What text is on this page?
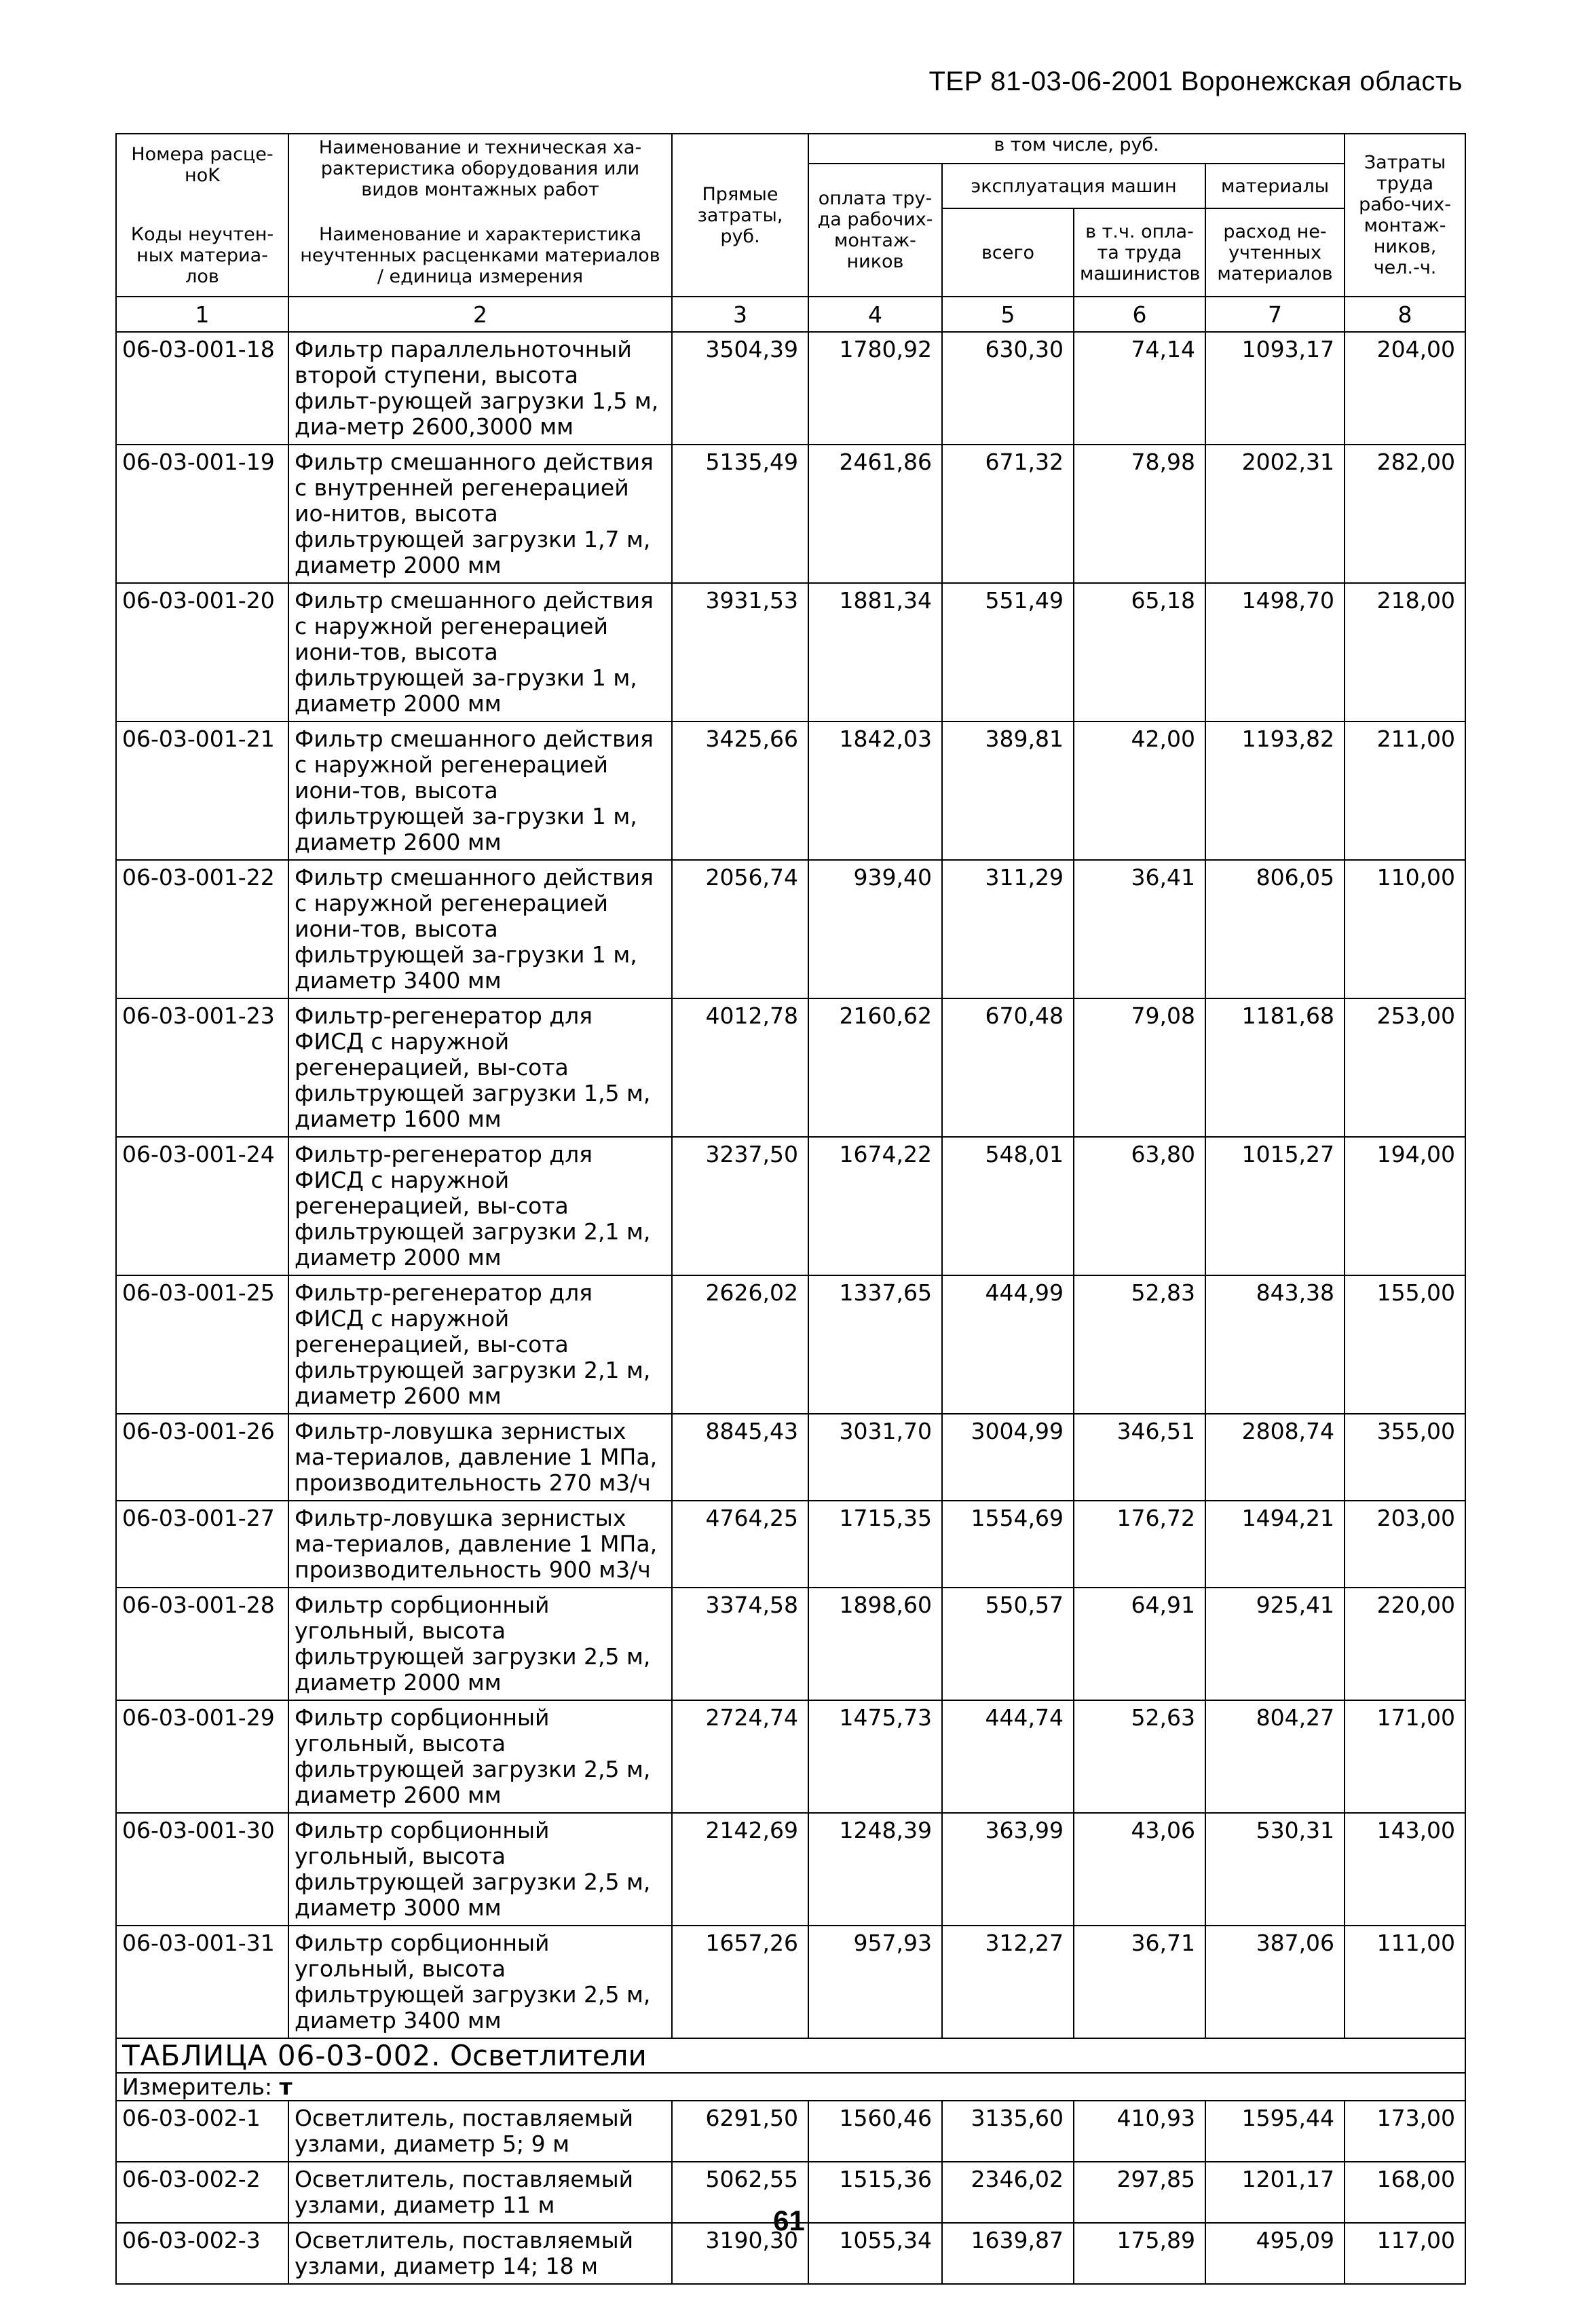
ТЕР 81-03-06-2001 Воронежская область
Номера расце-ноK	Наименование и техническая ха-рактеристика оборудования или видов монтажных работ	Прямые затраты, руб.	в том числе, руб.				Затраты труда рабо-чих-монтаж-ников, чел.-ч.
			оплата тру-да рабочих-монтаж-ников	эксплуатация машин		материалы	
				всего	в т.ч. опла-та труда машинистов	расход не-учтенных материалов	
Коды неучтен-ных материа-лов	Наименование и характеристика неучтенных расценками материалов / единица измерения						
1	2	3	4	5	6	7	8
06-03-001-18	Фильтр параллельноточный второй ступени, высота фильт-рующей загрузки 1,5 м, диа-метр 2600,3000 мм	3504,39	1780,92	630,30	74,14	1093,17	204,00
06-03-001-19	Фильтр смешанного действия с внутренней регенерацией ио-нитов, высота фильтрующей загрузки 1,7 м, диаметр 2000 мм	5135,49	2461,86	671,32	78,98	2002,31	282,00
06-03-001-20	Фильтр смешанного действия с наружной регенерацией иони-тов, высота фильтрующей за-грузки 1 м, диаметр 2000 мм	3931,53	1881,34	551,49	65,18	1498,70	218,00
06-03-001-21	Фильтр смешанного действия с наружной регенерацией иони-тов, высота фильтрующей за-грузки 1 м, диаметр 2600 мм	3425,66	1842,03	389,81	42,00	1193,82	211,00
06-03-001-22	Фильтр смешанного действия с наружной регенерацией иони-тов, высота фильтрующей за-грузки 1 м, диаметр 3400 мм	2056,74	939,40	311,29	36,41	806,05	110,00
06-03-001-23	Фильтр-регенератор для ФИСД с наружной регенерацией, вы-сота фильтрующей загрузки 1,5 м, диаметр 1600 мм	4012,78	2160,62	670,48	79,08	1181,68	253,00
06-03-001-24	Фильтр-регенератор для ФИСД с наружной регенерацией, вы-сота фильтрующей загрузки 2,1 м, диаметр 2000 мм	3237,50	1674,22	548,01	63,80	1015,27	194,00
06-03-001-25	Фильтр-регенератор для ФИСД с наружной регенерацией, вы-сота фильтрующей загрузки 2,1 м, диаметр 2600 мм	2626,02	1337,65	444,99	52,83	843,38	155,00
06-03-001-26	Фильтр-ловушка зернистых ма-териалов, давление 1 МПа, производительность 270 м3/ч	8845,43	3031,70	3004,99	346,51	2808,74	355,00
06-03-001-27	Фильтр-ловушка зернистых ма-териалов, давление 1 МПа, производительность 900 м3/ч	4764,25	1715,35	1554,69	176,72	1494,21	203,00
06-03-001-28	Фильтр сорбционный угольный, высота фильтрующей загрузки 2,5 м, диаметр 2000 мм	3374,58	1898,60	550,57	64,91	925,41	220,00
06-03-001-29	Фильтр сорбционный угольный, высота фильтрующей загрузки 2,5 м, диаметр 2600 мм	2724,74	1475,73	444,74	52,63	804,27	171,00
06-03-001-30	Фильтр сорбционный угольный, высота фильтрующей загрузки 2,5 м, диаметр 3000 мм	2142,69	1248,39	363,99	43,06	530,31	143,00
06-03-001-31	Фильтр сорбционный угольный, высота фильтрующей загрузки 2,5 м, диаметр 3400 мм	1657,26	957,93	312,27	36,71	387,06	111,00
ТАБЛИЦА 06-03-002. Осветлители							
Измеритель: т							
06-03-002-1	Осветлитель, поставляемый узлами, диаметр 5; 9 м	6291,50	1560,46	3135,60	410,93	1595,44	173,00
06-03-002-2	Осветлитель, поставляемый узлами, диаметр 11 м	5062,55	1515,36	2346,02	297,85	1201,17	168,00
06-03-002-3	Осветлитель, поставляемый узлами, диаметр 14; 18 м	3190,30	1055,34	1639,87	175,89	495,09	117,00
61
